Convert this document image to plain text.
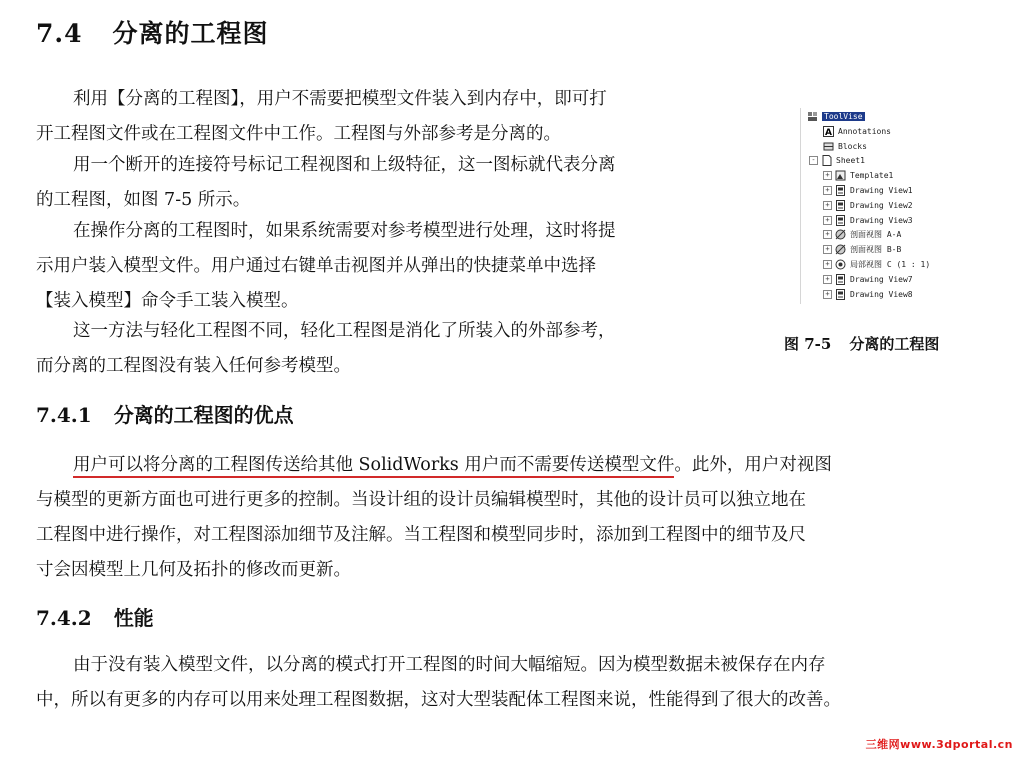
7.4 分离的工程图
利用【分离的工程图】，用户不需要把模型文件装入到内存中，即可打
开工程图文件或在工程图文件中工作。工程图与外部参考是分离的。
用一个断开的连接符号标记工程视图和上级特征，这一图标就代表分离
的工程图，如图 7-5 所示。
在操作分离的工程图时，如果系统需要对参考模型进行处理，这时将提
示用户装入模型文件。用户通过右键单击视图并从弹出的快捷菜单中选择
【装入模型】命令手工装入模型。
这一方法与轻化工程图不同，轻化工程图是消化了所装入的外部参考，
而分离的工程图没有装入任何参考模型。
7.4.1 分离的工程图的优点
用户可以将分离的工程图传送给其他 SolidWorks 用户而不需要传送模型文件。此外，用户对视图
与模型的更新方面也可进行更多的控制。当设计组的设计员编辑模型时，其他的设计员可以独立地在
工程图中进行操作，对工程图添加细节及注解。当工程图和模型同步时，添加到工程图中的细节及尺
寸会因模型上几何及拓扑的修改而更新。
7.4.2 性能
由于没有装入模型文件，以分离的模式打开工程图的时间大幅缩短。因为模型数据未被保存在内存
中，所以有更多的内存可以用来处理工程图数据，这对大型装配体工程图来说，性能得到了很大的改善。
ToolVise
A Annotations
Blocks
-	Sheet1
+	Template1
+	Drawing View1
+	Drawing View2
+	Drawing View3
+	剖面视图 A-A
+	剖面视图 B-B
+	局部视图 C (1 : 1)
+	Drawing View7
+	Drawing View8
图 7-5 分离的工程图
三维网www.3dportal.cn
